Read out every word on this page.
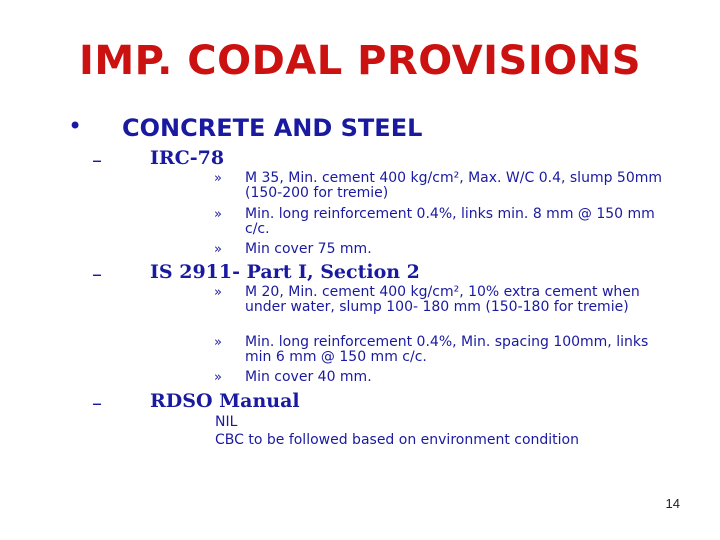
IMP. CODAL PROVISIONS
• CONCRETE AND STEEL
–	IRC-78
» M 35, Min. cement 400 kg/cm², Max. W/C 0.4, slump 50mm (150-200 for tremie)
» Min. long reinforcement 0.4%, links min. 8 mm @ 150 mm c/c.
» Min cover 75 mm.
–	IS 2911- Part I, Section 2
» M 20, Min. cement 400 kg/cm², 10% extra cement when under water, slump 100- 180 mm (150-180 for tremie)
» Min. long reinforcement 0.4%, Min. spacing 100mm, links min 6 mm @ 150 mm c/c.
» Min cover 40 mm.
–	RDSO Manual
NIL
CBC to be followed based on environment condition
14
